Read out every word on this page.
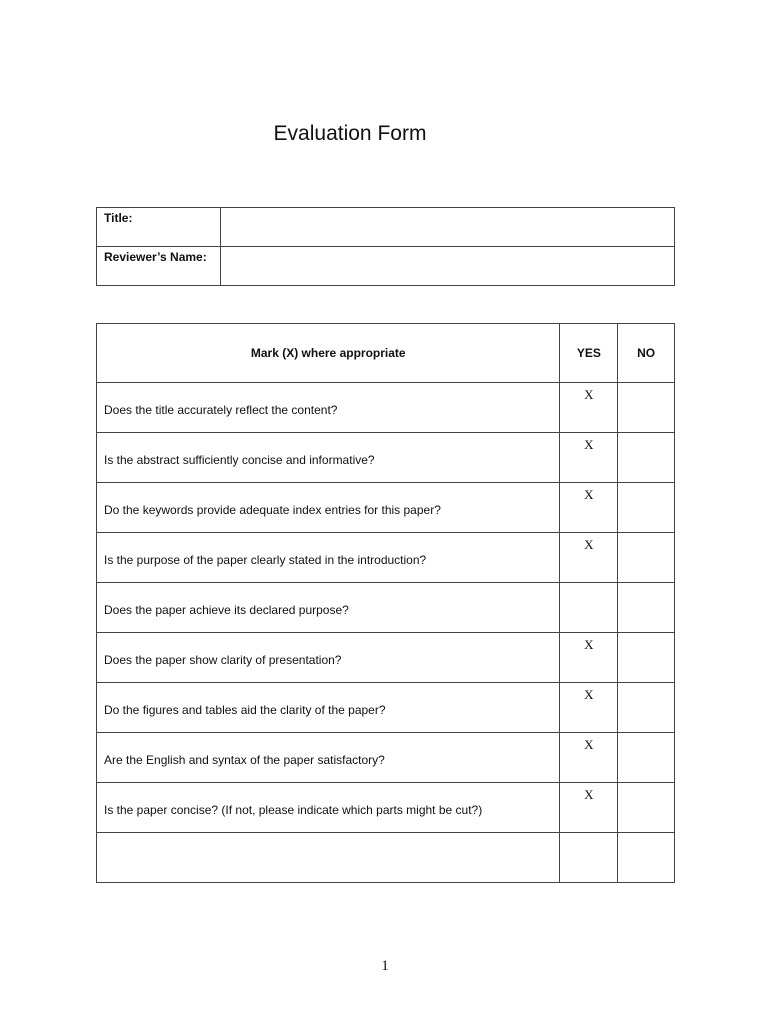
Evaluation Form
Title:	
Reviewer’s Name:	
Mark (X) where appropriate	YES	NO

Does the title accurately reflect the content?	X	

Is the abstract sufficiently concise and informative?	X	

Do the keywords provide adequate index entries for this paper?	X	

Is the purpose of the paper clearly stated in the introduction?	X	

Does the paper achieve its declared purpose?		

Does the paper show clarity of presentation?	X	

Do the figures and tables aid the clarity of the paper?	X	

Are the English and syntax of the paper satisfactory?	X	

Is the paper concise? (If not, please indicate which parts might be cut?)	X	

1
